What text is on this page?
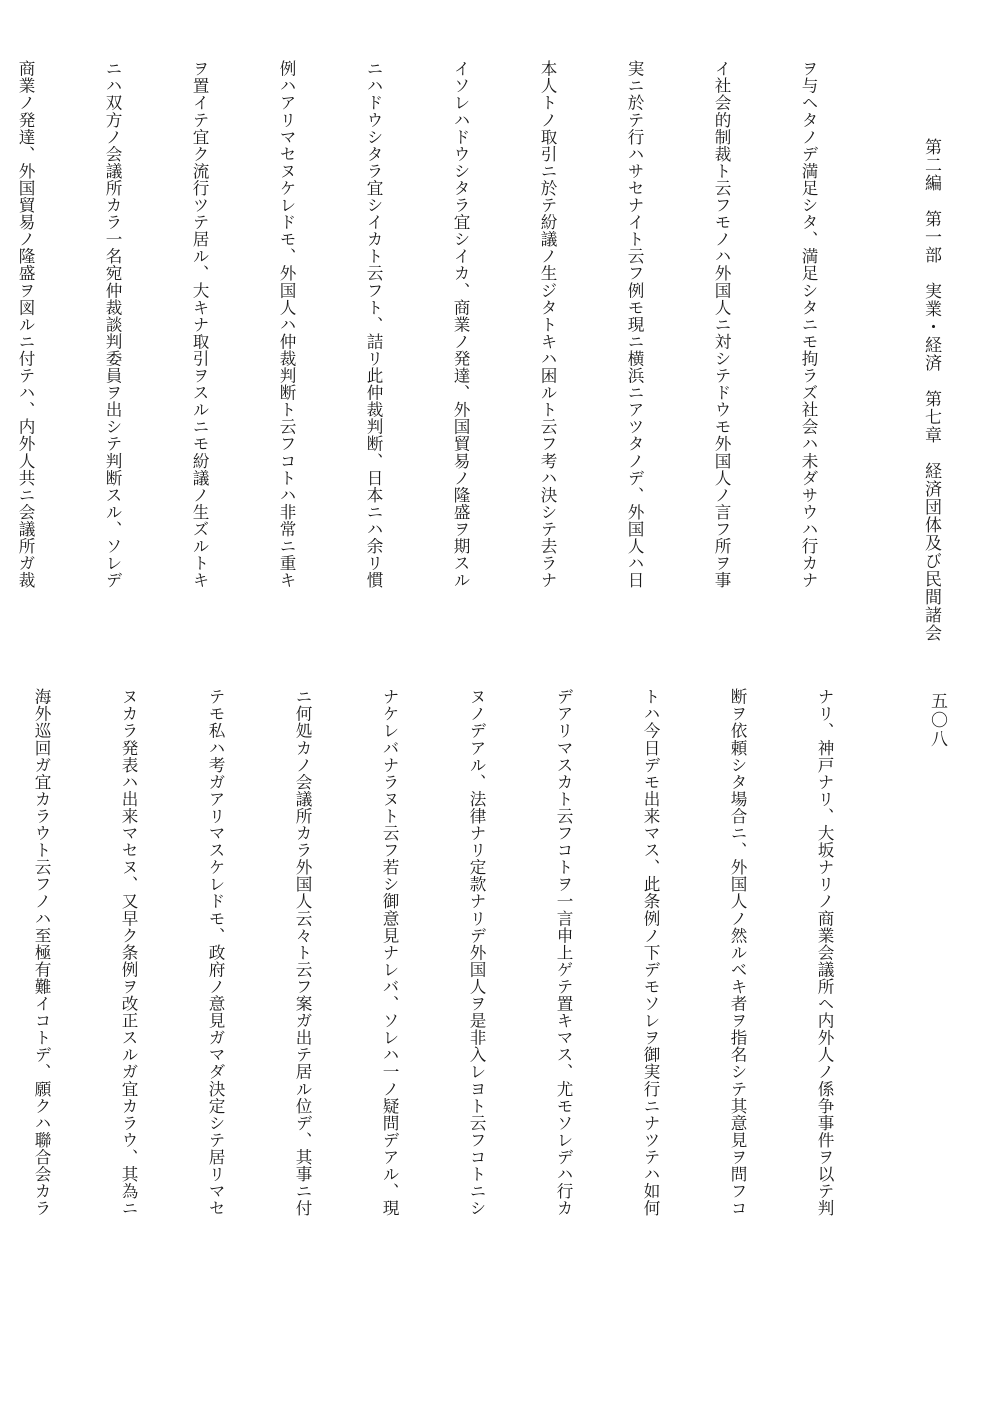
第二編
第一部
実業・経済
第七章
経済団体及び民間諸会
五〇八

ヲ与ヘタノデ満足シタ、満足シタニモ拘ラズ社会ハ未ダサウハ行カナ

イ社会的制裁ト云フモノハ外国人ニ対シテドウモ外国人ノ言フ所ヲ事

実ニ於テ行ハサセナイト云フ例モ現ニ横浜ニアツタノデ、外国人ハ日

本人トノ取引ニ於テ紛議ノ生ジタトキハ困ルト云フ考ハ決シテ去ラナ

イソレハドウシタラ宜シイカ、商業ノ発達、外国貿易ノ隆盛ヲ期スル

ニハドウシタラ宜シイカト云フト、詰リ此仲裁判断、日本ニハ余リ慣

例ハアリマセヌケレドモ、外国人ハ仲裁判断ト云フコトハ非常ニ重キ

ヲ置イテ宜ク流行ツテ居ル、大キナ取引ヲスルニモ紛議ノ生ズルトキ

ニハ双方ノ会議所カラ一名宛仲裁談判委員ヲ出シテ判断スル、ソレデ

商業ノ発達、外国貿易ノ隆盛ヲ図ルニ付テハ、内外人共ニ会議所ガ裁

ナリ、神戸ナリ、大坂ナリノ商業会議所ヘ内外人ノ係争事件ヲ以テ判

断ヲ依頼シタ場合ニ、外国人ノ然ルベキ者ヲ指名シテ其意見ヲ問フコ

トハ今日デモ出来マス、此条例ノ下デモソレヲ御実行ニナツテハ如何

デアリマスカト云フコトヲ一言申上ゲテ置キマス、尤モソレデハ行カ

ヌノデアル、法律ナリ定款ナリデ外国人ヲ是非入レヨト云フコトニシ

ナケレバナラヌト云フ若シ御意見ナレバ、ソレハ一ノ疑問デアル、現

ニ何処カノ会議所カラ外国人云々ト云フ案ガ出テ居ル位デ、其事ニ付

テモ私ハ考ガアリマスケレドモ、政府ノ意見ガマダ決定シテ居リマセ

ヌカラ発表ハ出来マセヌ、又早ク条例ヲ改正スルガ宜カラウ、其為ニ

海外巡回ガ宜カラウト云フノハ至極有難イコトデ、願クハ聯合会カラ
